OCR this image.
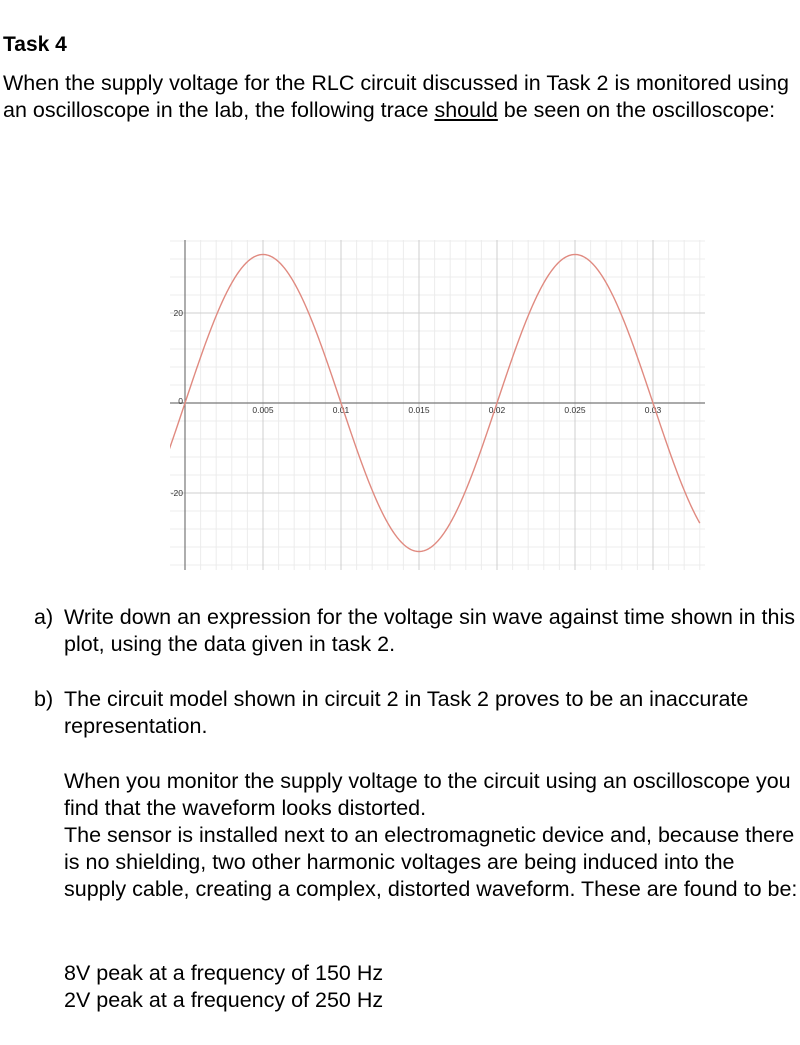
Task 4
When the supply voltage for the RLC circuit discussed in Task 2 is monitored using an oscilloscope in the lab, the following trace should be seen on the oscilloscope:
0.005	0.01	0.015	0.02	0.025	0.03
20
-20
0
a) Write down an expression for the voltage sin wave against time shown in this plot, using the data given in task 2.
b) The circuit model shown in circuit 2 in Task 2 proves to be an inaccurate representation.
When you monitor the supply voltage to the circuit using an oscilloscope you find that the waveform looks distorted.
The sensor is installed next to an electromagnetic device and, because there is no shielding, two other harmonic voltages are being induced into the supply cable, creating a complex, distorted waveform. These are found to be:
8V peak at a frequency of 150 Hz
2V peak at a frequency of 250 Hz
